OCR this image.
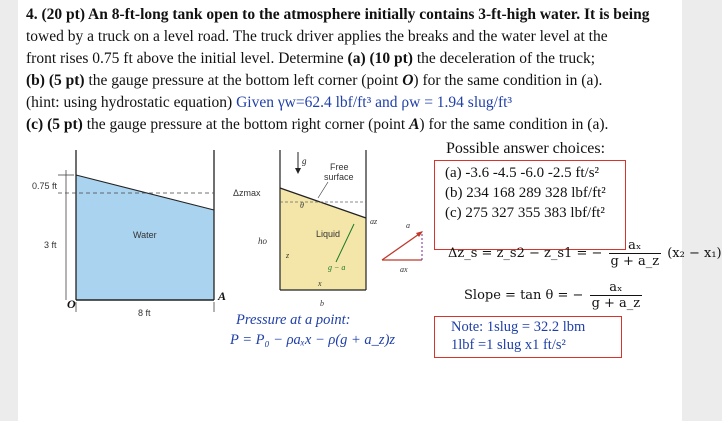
4. (20 pt) An 8-ft-long tank open to the atmosphere initially contains 3-ft-high water. It is being

towed by a truck on a level road. The truck driver applies the breaks and the water level at the

front rises 0.75 ft above the initial level. Determine (a) (10 pt) the deceleration of the truck;

(b) (5 pt) the gauge pressure at the bottom left corner (point O) for the same condition in (a).

(hint: using hydrostatic equation) Given γw=62.4 lbf/ft³ and ρw = 1.94 slug/ft³

(c) (5 pt) the gauge pressure at the bottom right corner (point A) for the same condition in (a).

0.75 ft
3 ft
Water
8 ft
O
A
g
Free
surface
Δzmax
θ
Liquid
ho
z
x
b
g − a
az	a
ax
Pressure at a point:
P = P₀ − ρaₓx − ρ(g + a_z)z
Possible answer choices:
(a) -3.6 -4.5 -6.0 -2.5 ft/s²
(b) 234 168 289 328 lbf/ft²
(c) 275 327 355 383 lbf/ft²
Δz_s = z_s2 − z_s1 = − $\frac{\text{aₓ}}{g + a\_z} (x_2 - x_1)$
Slope = tan θ = − $\frac{\text{aₓ}}{g + a\_z}$
Note: 1slug = 32.2 lbm
1lbf =1 slug x1 ft/s²
